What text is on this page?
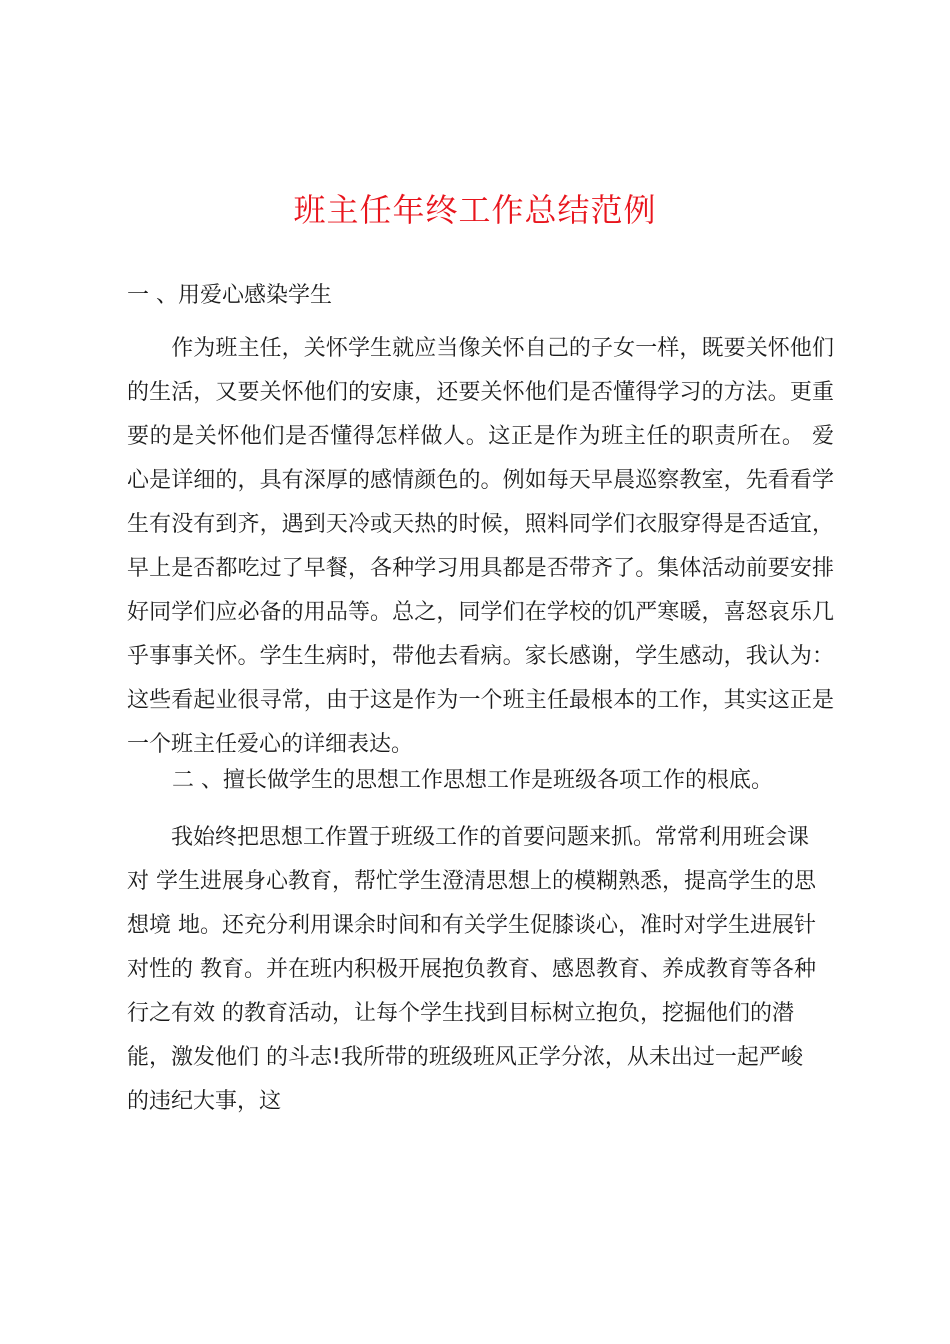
班主任年终工作总结范例

一 、用爱心感染学生

　　作为班主任，关怀学生就应当像关怀自己的子女一样，既要关怀他们
的生活，又要关怀他们的安康，还要关怀他们是否懂得学习的方法。更重
要的是关怀他们是否懂得怎样做人。这正是作为班主任的职责所在。 爱
心是详细的，具有深厚的感情颜色的。例如每天早晨巡察教室，先看看学
生有没有到齐，遇到天冷或天热的时候，照料同学们衣服穿得是否适宜，
早上是否都吃过了早餐，各种学习用具都是否带齐了。集体活动前要安排
好同学们应必备的用品等。总之，同学们在学校的饥严寒暖，喜怒哀乐几
乎事事关怀。学生生病时，带他去看病。家长感谢，学生感动，我认为：
这些看起业很寻常，由于这是作为一个班主任最根本的工作，其实这正是
一个班主任爱心的详细表达。

二 、擅长做学生的思想工作思想工作是班级各项工作的根底。

　　我始终把思想工作置于班级工作的首要问题来抓。常常利用班会课
对 学生进展身心教育，帮忙学生澄清思想上的模糊熟悉，提高学生的思
想境 地。还充分利用课余时间和有关学生促膝谈心，准时对学生进展针
对性的 教育。并在班内积极开展抱负教育、感恩教育、养成教育等各种
行之有效 的教育活动，让每个学生找到目标树立抱负，挖掘他们的潜
能，激发他们 的斗志!我所带的班级班风正学分浓，从未出过一起严峻
的违纪大事，这
